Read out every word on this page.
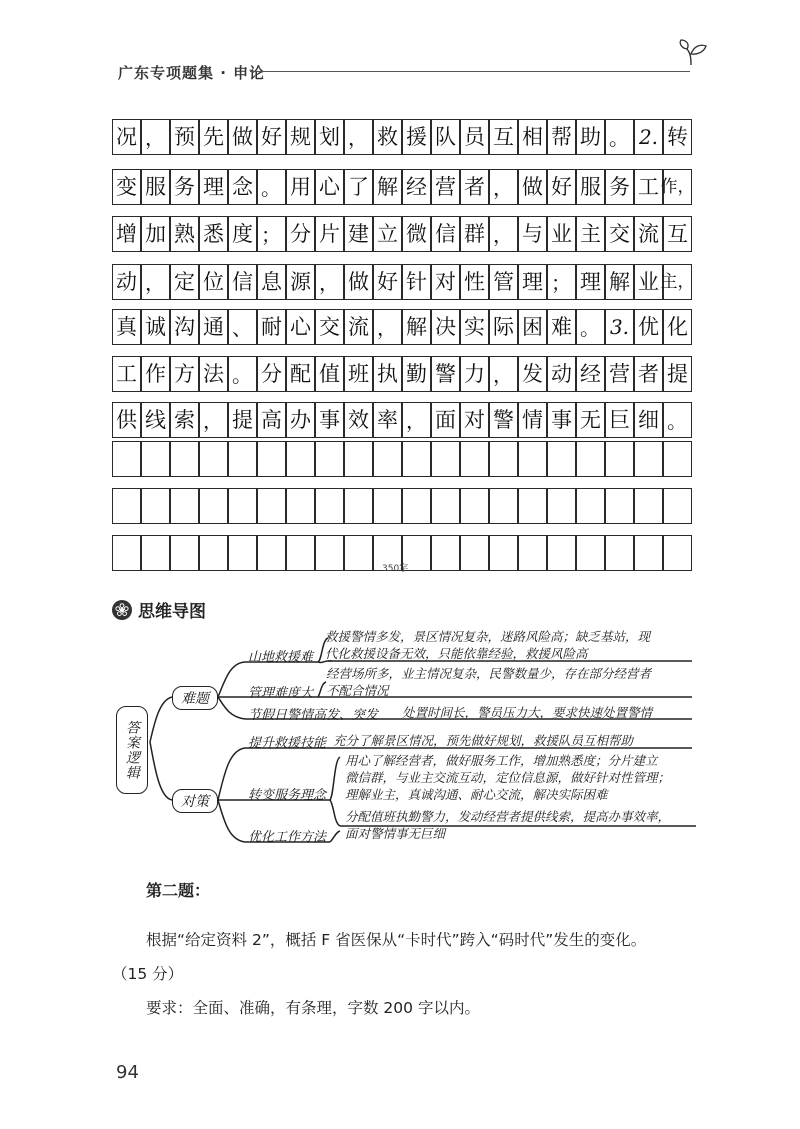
广东专项题集 · 申论
况 ， 预 先 做 好 规 划 ， 救 援 队 员 互 相 帮 助 。 2. 转
变 服 务 理 念 。 用 心 了 解 经 营 者 ， 做 好 服 务 工 作，
增 加 熟 悉 度 ； 分 片 建 立 微 信 群 ， 与 业 主 交 流 互
动 ， 定 位 信 息 源 ， 做 好 针 对 性 管 理 ； 理 解 业 主，
真 诚 沟 通 、 耐 心 交 流 ， 解 决 实 际 困 难 。 3. 优 化
工 作 方 法 。 分 配 值 班 执 勤 警 力 ， 发 动 经 营 者 提
供 线 索 ， 提 高 办 事 效 率 ， 面 对 警 情 事 无 巨 细 。
350字
思维导图
答案逻辑
难题
对策
山地救援难
救援警情多发，景区情况复杂，迷路风险高；缺乏基站，现
代化救援设备无效，只能依靠经验，救援风险高
管理难度大
经营场所多，业主情况复杂，民警数量少，存在部分经营者
不配合情况
节假日警情高发、突发 处置时间长，警员压力大，要求快速处置警情
提升救援技能 充分了解景区情况，预先做好规划，救援队员互相帮助
转变服务理念
用心了解经营者，做好服务工作，增加熟悉度；分片建立
微信群，与业主交流互动，定位信息源，做好针对性管理；
理解业主，真诚沟通、耐心交流，解决实际困难
优化工作方法
分配值班执勤警力，发动经营者提供线索，提高办事效率，
面对警情事无巨细
第二题：
根据“给定资料 2”，概括 F 省医保从“卡时代”跨入“码时代”发生的变化。
（15 分）
要求：全面、准确，有条理，字数 200 字以内。
94
